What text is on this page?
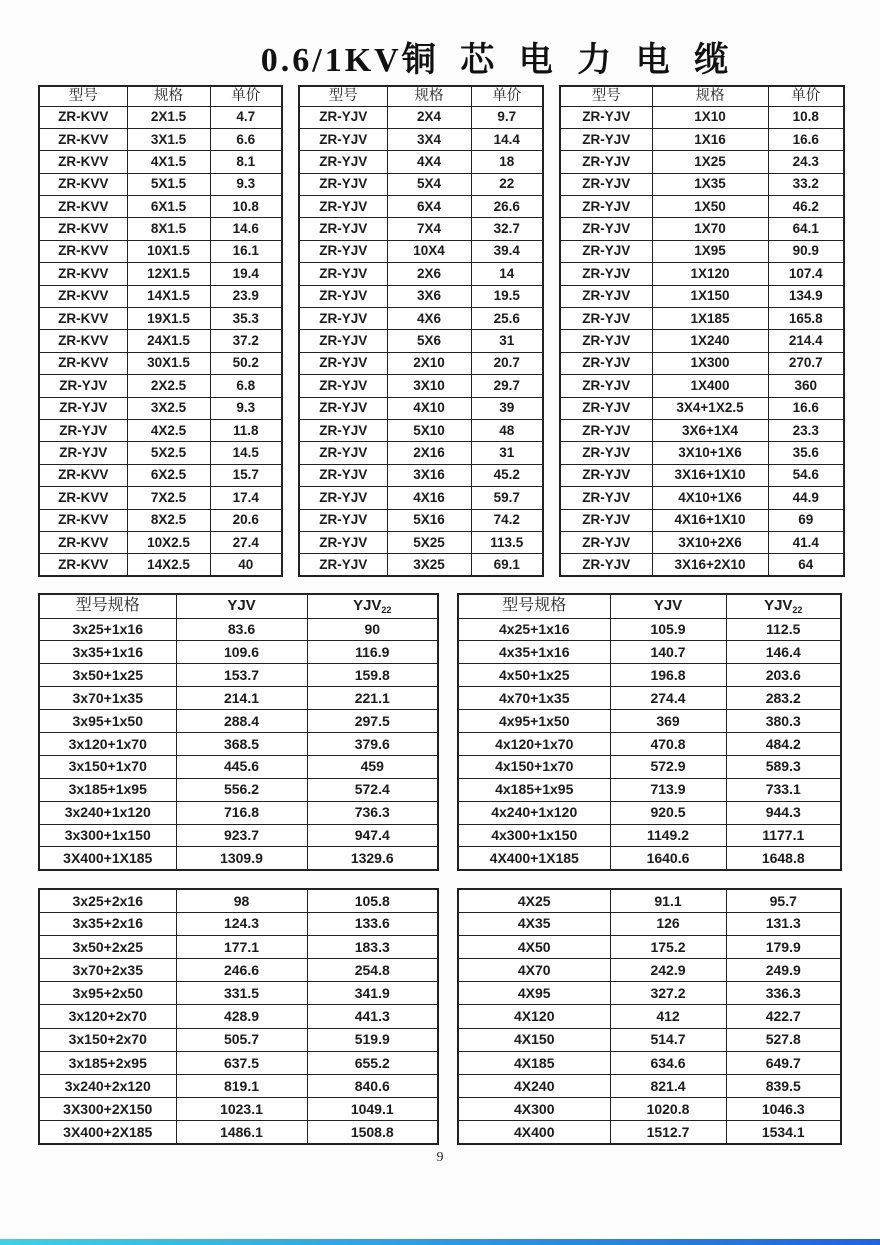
0.6/1KV铜 芯 电 力 电 缆
型号	规格	单价
ZR-KVV	2X1.5	4.7
ZR-KVV	3X1.5	6.6
ZR-KVV	4X1.5	8.1
ZR-KVV	5X1.5	9.3
ZR-KVV	6X1.5	10.8
ZR-KVV	8X1.5	14.6
ZR-KVV	10X1.5	16.1
ZR-KVV	12X1.5	19.4
ZR-KVV	14X1.5	23.9
ZR-KVV	19X1.5	35.3
ZR-KVV	24X1.5	37.2
ZR-KVV	30X1.5	50.2
ZR-YJV	2X2.5	6.8
ZR-YJV	3X2.5	9.3
ZR-YJV	4X2.5	11.8
ZR-YJV	5X2.5	14.5
ZR-KVV	6X2.5	15.7
ZR-KVV	7X2.5	17.4
ZR-KVV	8X2.5	20.6
ZR-KVV	10X2.5	27.4
ZR-KVV	14X2.5	40
型号	规格	单价
ZR-YJV	2X4	9.7
ZR-YJV	3X4	14.4
ZR-YJV	4X4	18
ZR-YJV	5X4	22
ZR-YJV	6X4	26.6
ZR-YJV	7X4	32.7
ZR-YJV	10X4	39.4
ZR-YJV	2X6	14
ZR-YJV	3X6	19.5
ZR-YJV	4X6	25.6
ZR-YJV	5X6	31
ZR-YJV	2X10	20.7
ZR-YJV	3X10	29.7
ZR-YJV	4X10	39
ZR-YJV	5X10	48
ZR-YJV	2X16	31
ZR-YJV	3X16	45.2
ZR-YJV	4X16	59.7
ZR-YJV	5X16	74.2
ZR-YJV	5X25	113.5
ZR-YJV	3X25	69.1
型号	规格	单价
ZR-YJV	1X10	10.8
ZR-YJV	1X16	16.6
ZR-YJV	1X25	24.3
ZR-YJV	1X35	33.2
ZR-YJV	1X50	46.2
ZR-YJV	1X70	64.1
ZR-YJV	1X95	90.9
ZR-YJV	1X120	107.4
ZR-YJV	1X150	134.9
ZR-YJV	1X185	165.8
ZR-YJV	1X240	214.4
ZR-YJV	1X300	270.7
ZR-YJV	1X400	360
ZR-YJV	3X4+1X2.5	16.6
ZR-YJV	3X6+1X4	23.3
ZR-YJV	3X10+1X6	35.6
ZR-YJV	3X16+1X10	54.6
ZR-YJV	4X10+1X6	44.9
ZR-YJV	4X16+1X10	69
ZR-YJV	3X10+2X6	41.4
ZR-YJV	3X16+2X10	64
型号规格	YJV	$YJV_{22}$
3x25+1x16	83.6	90
3x35+1x16	109.6	116.9
3x50+1x25	153.7	159.8
3x70+1x35	214.1	221.1
3x95+1x50	288.4	297.5
3x120+1x70	368.5	379.6
3x150+1x70	445.6	459
3x185+1x95	556.2	572.4
3x240+1x120	716.8	736.3
3x300+1x150	923.7	947.4
3X400+1X185	1309.9	1329.6
型号规格	YJV	$YJV_{22}$
4x25+1x16	105.9	112.5
4x35+1x16	140.7	146.4
4x50+1x25	196.8	203.6
4x70+1x35	274.4	283.2
4x95+1x50	369	380.3
4x120+1x70	470.8	484.2
4x150+1x70	572.9	589.3
4x185+1x95	713.9	733.1
4x240+1x120	920.5	944.3
4x300+1x150	1149.2	1177.1
4X400+1X185	1640.6	1648.8
3x25+2x16	98	105.8
3x35+2x16	124.3	133.6
3x50+2x25	177.1	183.3
3x70+2x35	246.6	254.8
3x95+2x50	331.5	341.9
3x120+2x70	428.9	441.3
3x150+2x70	505.7	519.9
3x185+2x95	637.5	655.2
3x240+2x120	819.1	840.6
3X300+2X150	1023.1	1049.1
3X400+2X185	1486.1	1508.8
4X25	91.1	95.7
4X35	126	131.3
4X50	175.2	179.9
4X70	242.9	249.9
4X95	327.2	336.3
4X120	412	422.7
4X150	514.7	527.8
4X185	634.6	649.7
4X240	821.4	839.5
4X300	1020.8	1046.3
4X400	1512.7	1534.1
9
